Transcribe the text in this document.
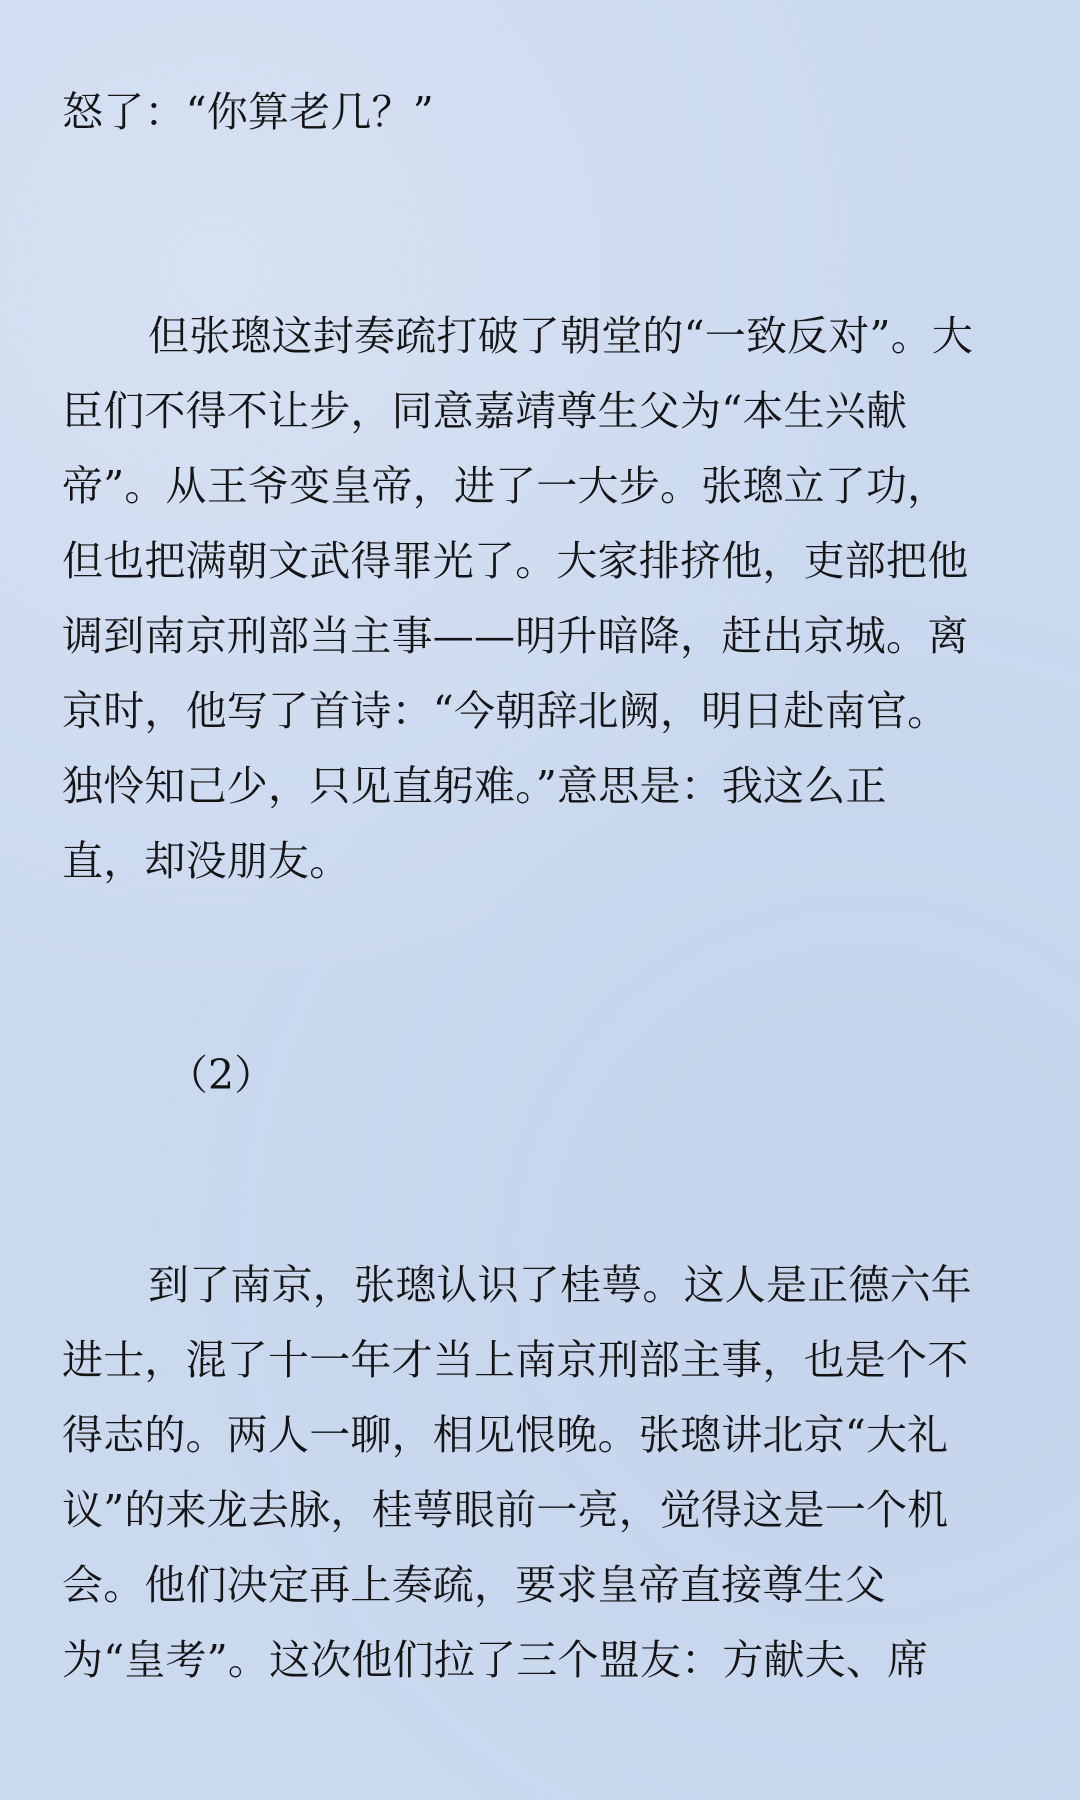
怒了：“你算老几？”
但张璁这封奏疏打破了朝堂的“一致反对”。大
臣们不得不让步，同意嘉靖尊生父为“本生兴献
帝”。从王爷变皇帝，进了一大步。张璁立了功，
但也把满朝文武得罪光了。大家排挤他，吏部把他
调到南京刑部当主事——明升暗降，赶出京城。离
京时，他写了首诗：“今朝辞北阙，明日赴南官。
独怜知己少，只见直躬难。”意思是：我这么正
直，却没朋友。
（2）
到了南京，张璁认识了桂萼。这人是正德六年
进士，混了十一年才当上南京刑部主事，也是个不
得志的。两人一聊，相见恨晚。张璁讲北京“大礼
议”的来龙去脉，桂萼眼前一亮，觉得这是一个机
会。他们决定再上奏疏，要求皇帝直接尊生父
为“皇考”。这次他们拉了三个盟友：方献夫、席
